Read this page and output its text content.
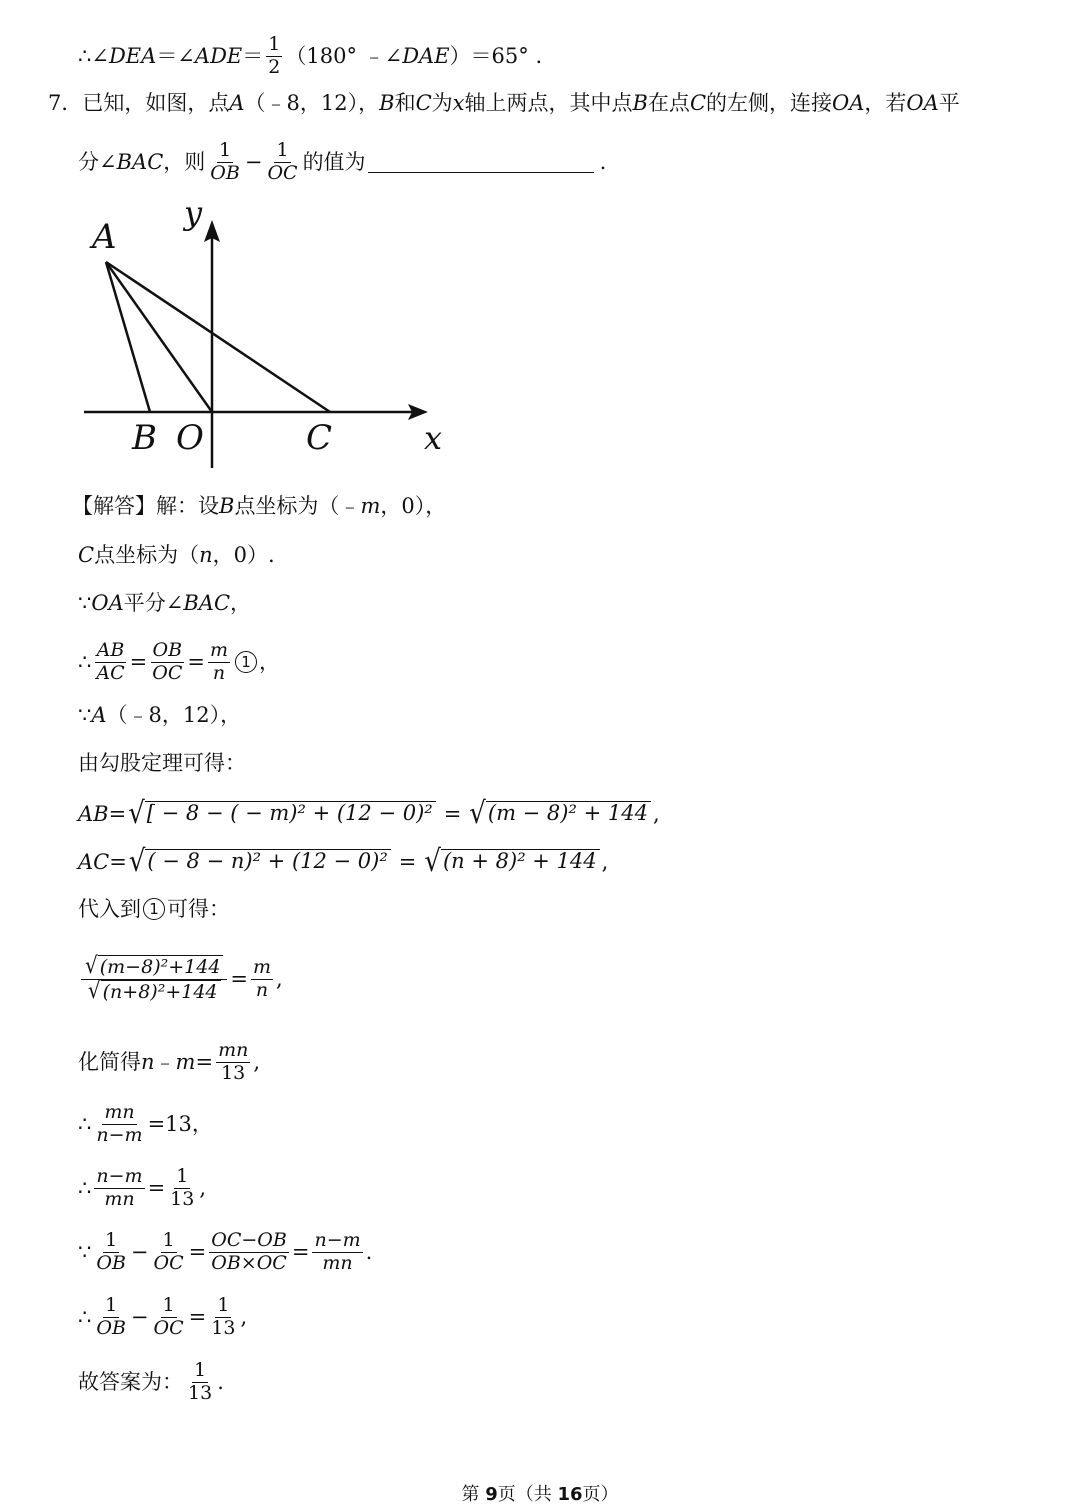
∴∠ DEA ＝∠ ADE ＝ $\frac{1}{2} (180^\circ$ ﹣∠ DAE ）＝65° .
7． 已知，如图，点 A （﹣8，12）， B 和 C 为 x 轴上两点，其中点 B 在点 C 的左侧，连接 OA ，若 OA 平
分∠ BAC ，则 $\frac{1}{OB} - \frac{1}{OC}$ 的值为	.
A
y
B O	C	x
【解答】解：设 B 点坐标为（﹣ m ，0），
C 点坐标为（ n ，0）.
∵ OA 平分∠ BAC ，
∴ $\frac{AB}{AC} = \frac{OB}{OC} = \frac{m}{n} 1$ ，
∵ A （﹣8，12），
由勾股定理可得：
AB = √ [ − 8 − ( − m)² + (12 − 0)² = √ (m − 8)² + 144 ,
AC = √ ( − 8 − n)² + (12 − 0)² = √ (n + 8)² + 144 ,
代入到 1 可得：
$\frac{\text{√ (m−8)²+144}}{\text{√ (n+8)²+144}} = \frac{m}{n}$ ,
化简得 n ﹣ $m = \frac{mn}{13}$ ,
∴ $\frac{mn}{n-m} =13$，
∴ $\frac{n-m}{mn} = \frac{1}{13}$ ,
∵ $\frac{1}{OB} - \frac{1}{OC} = \frac{OC-OB}{OB\times OC} = \frac{n-m}{mn}$ .
∴ $\frac{1}{OB} - \frac{1}{OC} = \frac{1}{13}$ ,
故答案为： $\frac{1}{13}$ .
第 9页（共 16页）
